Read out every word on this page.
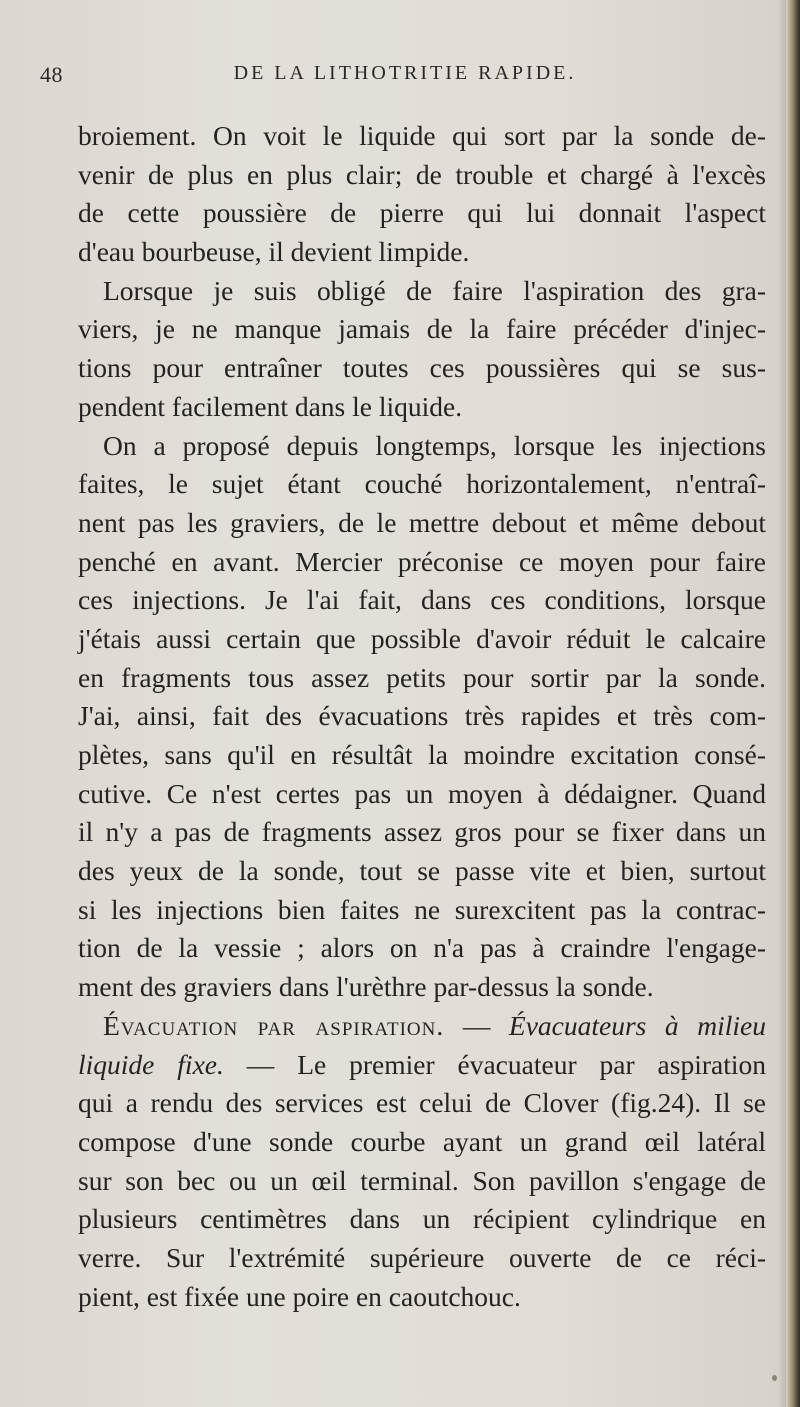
48	DE LA LITHOTRITIE RAPIDE.
broiement. On voit le liquide qui sort par la sonde de-
venir de plus en plus clair; de trouble et chargé à l'excès
de cette poussière de pierre qui lui donnait l'aspect
d'eau bourbeuse, il devient limpide.
Lorsque je suis obligé de faire l'aspiration des gra-
viers, je ne manque jamais de la faire précéder d'injec-
tions pour entraîner toutes ces poussières qui se sus-
pendent facilement dans le liquide.
On a proposé depuis longtemps, lorsque les injections
faites, le sujet étant couché horizontalement, n'entraî-
nent pas les graviers, de le mettre debout et même debout
penché en avant. Mercier préconise ce moyen pour faire
ces injections. Je l'ai fait, dans ces conditions, lorsque
j'étais aussi certain que possible d'avoir réduit le calcaire
en fragments tous assez petits pour sortir par la sonde.
J'ai, ainsi, fait des évacuations très rapides et très com-
plètes, sans qu'il en résultât la moindre excitation consé-
cutive. Ce n'est certes pas un moyen à dédaigner. Quand
il n'y a pas de fragments assez gros pour se fixer dans un
des yeux de la sonde, tout se passe vite et bien, surtout
si les injections bien faites ne surexcitent pas la contrac-
tion de la vessie ; alors on n'a pas à craindre l'engage-
ment des graviers dans l'urèthre par-dessus la sonde.
Évacuation par aspiration. — Évacuateurs à milieu
liquide fixe. — Le premier évacuateur par aspiration
qui a rendu des services est celui de Clover (fig.24). Il se
compose d'une sonde courbe ayant un grand œil latéral
sur son bec ou un œil terminal. Son pavillon s'engage de
plusieurs centimètres dans un récipient cylindrique en
verre. Sur l'extrémité supérieure ouverte de ce réci-
pient, est fixée une poire en caoutchouc.
